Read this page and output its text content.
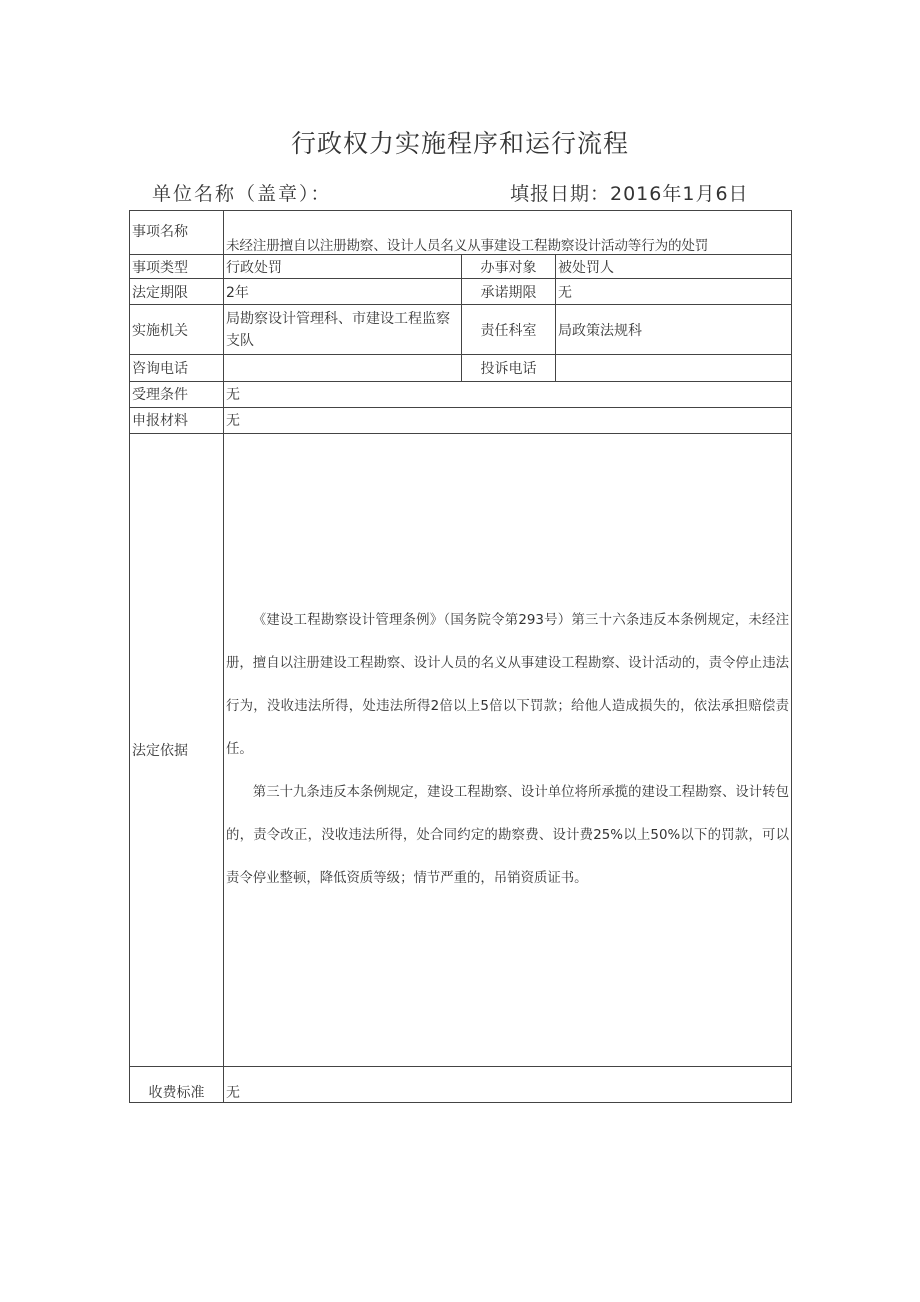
行政权力实施程序和运行流程
单位名称（盖章）：	填报日期：2016年1月6日
事项名称	未经注册擅自以注册勘察、设计人员名义从事建设工程勘察设计活动等行为的处罚		
事项类型	行政处罚	办事对象	被处罚人
法定期限	2年	承诺期限	无
实施机关	局勘察设计管理科、市建设工程监察支队	责任科室	局政策法规科
咨询电话		投诉电话	
受理条件	无		
申报材料	无		
法定依据	《建设工程勘察设计管理条例》（国务院令第293号）第三十六条违反本条例规定，未经注册，擅自以注册建设工程勘察、设计人员的名义从事建设工程勘察、设计活动的，责令停止违法行为，没收违法所得，处违法所得2倍以上5倍以下罚款；给他人造成损失的，依法承担赔偿责任。

第三十九条违反本条例规定，建设工程勘察、设计单位将所承揽的建设工程勘察、设计转包的，责令改正，没收违法所得，处合同约定的勘察费、设计费25%以上50%以下的罚款，可以责令停业整顿，降低资质等级；情节严重的，吊销资质证书。		

收费标准	无		
